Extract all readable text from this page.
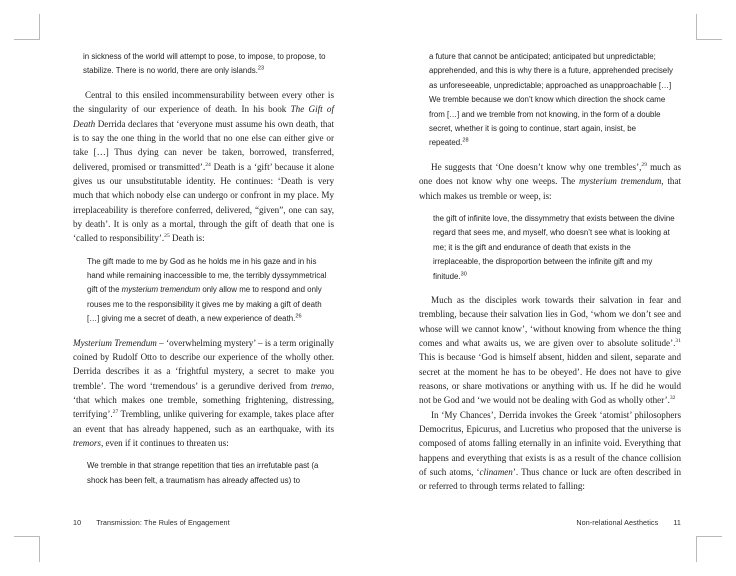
in sickness of the world will attempt to pose, to impose, to propose, to stabilize. There is no world, there are only islands.$^{23}$

Central to this ensiled incommensurability between every other is the singularity of our experience of death. In his book The Gift of Death Derrida declares that ‘everyone must assume his own death, that is to say the one thing in the world that no one else can either give or take […] Thus dying can never be taken, borrowed, transferred, delivered, promised or transmitted’.$^{24}$ Death is a ‘gift’ because it alone gives us our unsubstitutable identity. He continues: ‘Death is very much that which nobody else can undergo or confront in my place. My irreplaceability is therefore conferred, delivered, “given”, one can say, by death’. It is only as a mortal, through the gift of death that one is ‘called to responsibility’.$^{25}$ Death is:

The gift made to me by God as he holds me in his gaze and in his hand while remaining inaccessible to me, the terribly dyssymmetrical gift of the mysterium tremendum only allow me to respond and only rouses me to the responsibility it gives me by making a gift of death […] giving me a secret of death, a new experience of death.$^{26}$

Mysterium Tremendum – ‘overwhelming mystery’ – is a term originally coined by Rudolf Otto to describe our experience of the wholly other. Derrida describes it as a ‘frightful mystery, a secret to make you tremble’. The word ‘tremendous’ is a gerundive derived from tremo, ‘that which makes one tremble, something frightening, distressing, terrifying’.$^{27}$ Trembling, unlike quivering for example, takes place after an event that has already happened, such as an earthquake, with its tremors, even if it continues to threaten us:

We tremble in that strange repetition that ties an irrefutable past (a shock has been felt, a traumatism has already affected us) to
10 Transmission: The Rules of Engagement
a future that cannot be anticipated; anticipated but unpredictable; apprehended, and this is why there is a future, apprehended precisely as unforeseeable, unpredictable; approached as unapproachable […] We tremble because we don’t know which direction the shock came from […] and we tremble from not knowing, in the form of a double secret, whether it is going to continue, start again, insist, be repeated.$^{28}$

He suggests that ‘One doesn’t know why one trembles’,$^{29}$ much as one does not know why one weeps. The mysterium tremendum, that which makes us tremble or weep, is:

the gift of infinite love, the dissymmetry that exists between the divine regard that sees me, and myself, who doesn’t see what is looking at me; it is the gift and endurance of death that exists in the irreplaceable, the disproportion between the infinite gift and my finitude.$^{30}$

Much as the disciples work towards their salvation in fear and trembling, because their salvation lies in God, ‘whom we don’t see and whose will we cannot know’, ‘without knowing from whence the thing comes and what awaits us, we are given over to absolute solitude’.$^{31}$ This is because ‘God is himself absent, hidden and silent, separate and secret at the moment he has to be obeyed’. He does not have to give reasons, or share motivations or anything with us. If he did he would not be God and ‘we would not be dealing with God as wholly other’.$^{32}$

In ‘My Chances’, Derrida invokes the Greek ‘atomist’ philosophers Democritus, Epicurus, and Lucretius who proposed that the universe is composed of atoms falling eternally in an infinite void. Everything that happens and everything that exists is as a result of the chance collision of such atoms, ‘clinamen’. Thus chance or luck are often described in or referred to through terms related to falling:

Non-relational Aesthetics 11
